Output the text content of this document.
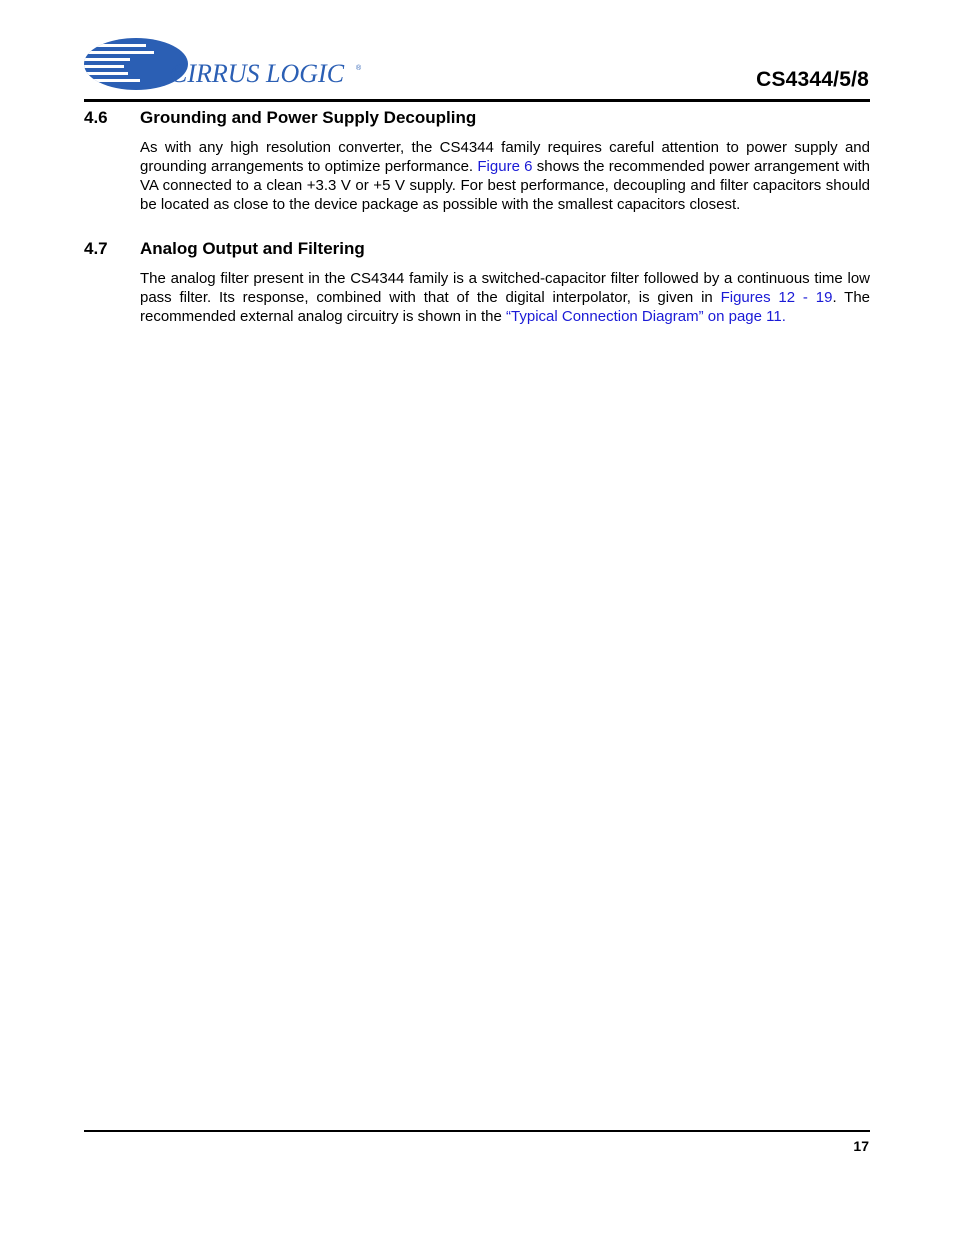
CIRRUS LOGIC ®	CS4344/5/8
4.6 Grounding and Power Supply Decoupling
As with any high resolution converter, the CS4344 family requires careful attention to power supply and grounding arrangements to optimize performance. Figure 6 shows the recommended power arrangement with VA connected to a clean +3.3 V or +5 V supply. For best performance, decoupling and filter capacitors should be located as close to the device package as possible with the smallest capacitors closest.
4.7 Analog Output and Filtering
The analog filter present in the CS4344 family is a switched-capacitor filter followed by a continuous time low pass filter. Its response, combined with that of the digital interpolator, is given in Figures 12 - 19. The recommended external analog circuitry is shown in the “Typical Connection Diagram” on page 11.
17
